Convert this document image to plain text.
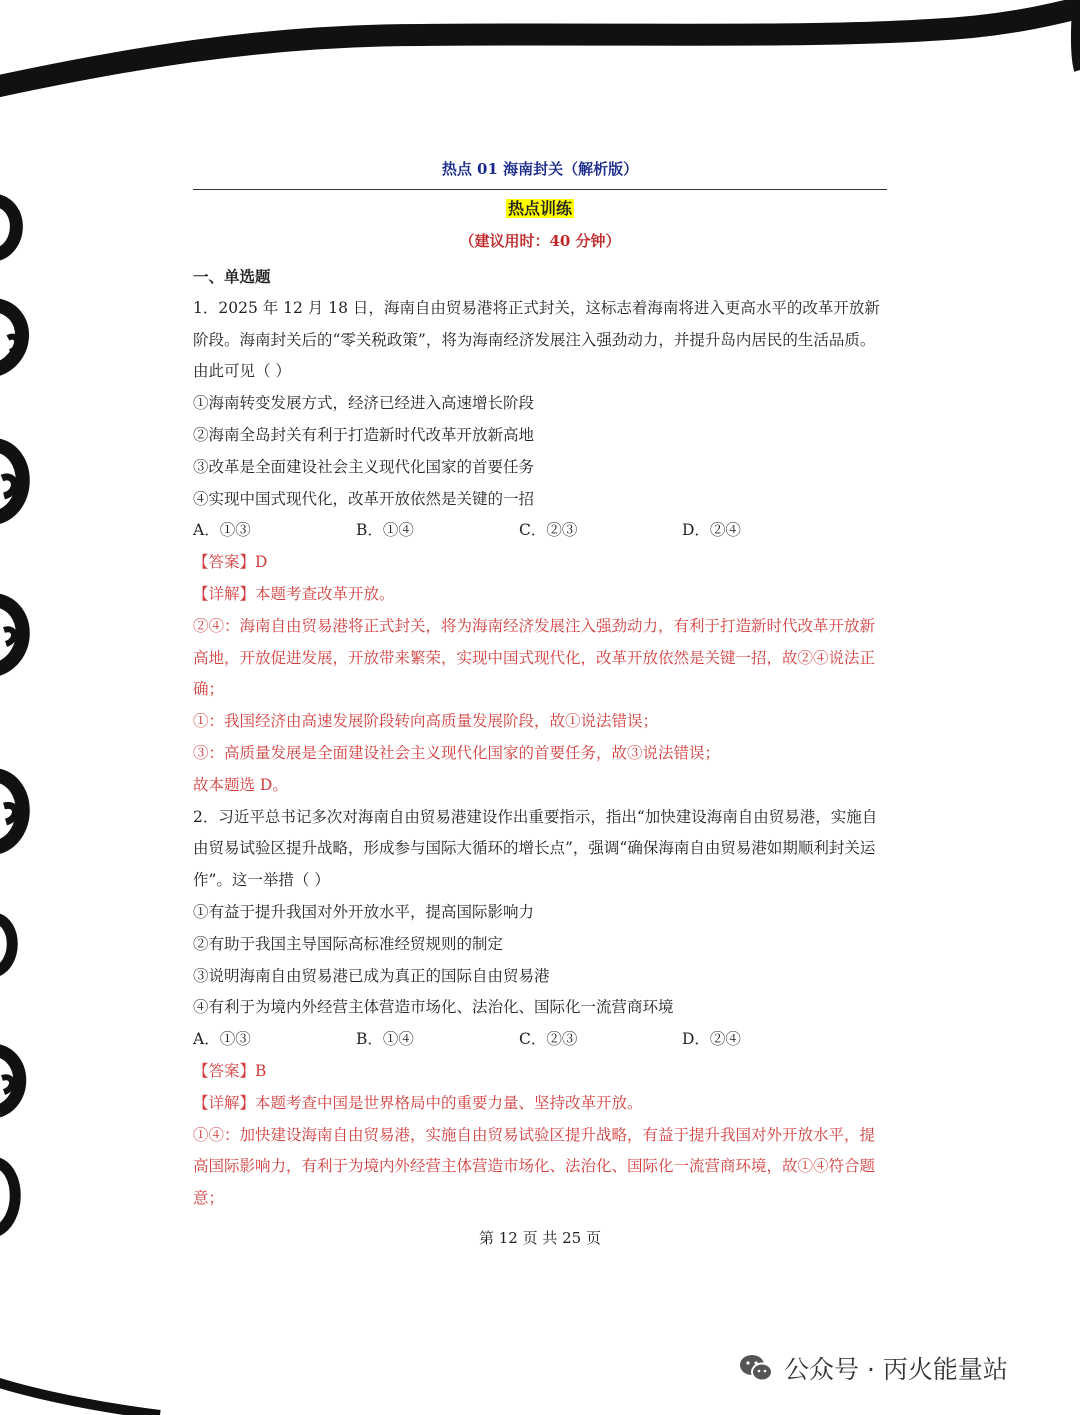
热点 01 海南封关（解析版）
热点训练
（建议用时：40 分钟）

一、单选题

1．2025 年 12 月 18 日，海南自由贸易港将正式封关，这标志着海南将进入更高水平的改革开放新阶段。海南封关后的“零关税政策”，将为海南经济发展注入强劲动力，并提升岛内居民的生活品质。由此可见（ ）

①海南转变发展方式，经济已经进入高速增长阶段

②海南全岛封关有利于打造新时代改革开放新高地

③改革是全面建设社会主义现代化国家的首要任务

④实现中国式现代化，改革开放依然是关键的一招

A．①③	B．①④	C．②③	D．②④

【答案】D

【详解】本题考查改革开放。

②④：海南自由贸易港将正式封关，将为海南经济发展注入强劲动力，有利于打造新时代改革开放新高地，开放促进发展，开放带来繁荣，实现中国式现代化，改革开放依然是关键一招，故②④说法正确；

①：我国经济由高速发展阶段转向高质量发展阶段，故①说法错误；

③：高质量发展是全面建设社会主义现代化国家的首要任务，故③说法错误；

故本题选 D。

2．习近平总书记多次对海南自由贸易港建设作出重要指示，指出“加快建设海南自由贸易港，实施自由贸易试验区提升战略，形成参与国际大循环的增长点”，强调“确保海南自由贸易港如期顺利封关运作”。这一举措（ ）

①有益于提升我国对外开放水平，提高国际影响力

②有助于我国主导国际高标准经贸规则的制定

③说明海南自由贸易港已成为真正的国际自由贸易港

④有利于为境内外经营主体营造市场化、法治化、国际化一流营商环境

A．①③	B．①④	C．②③	D．②④

【答案】B

【详解】本题考查中国是世界格局中的重要力量、坚持改革开放。

①④：加快建设海南自由贸易港，实施自由贸易试验区提升战略，有益于提升我国对外开放水平，提高国际影响力，有利于为境内外经营主体营造市场化、法治化、国际化一流营商环境，故①④符合题意；

第 12 页 共 25 页
公众号 · 丙火能量站
